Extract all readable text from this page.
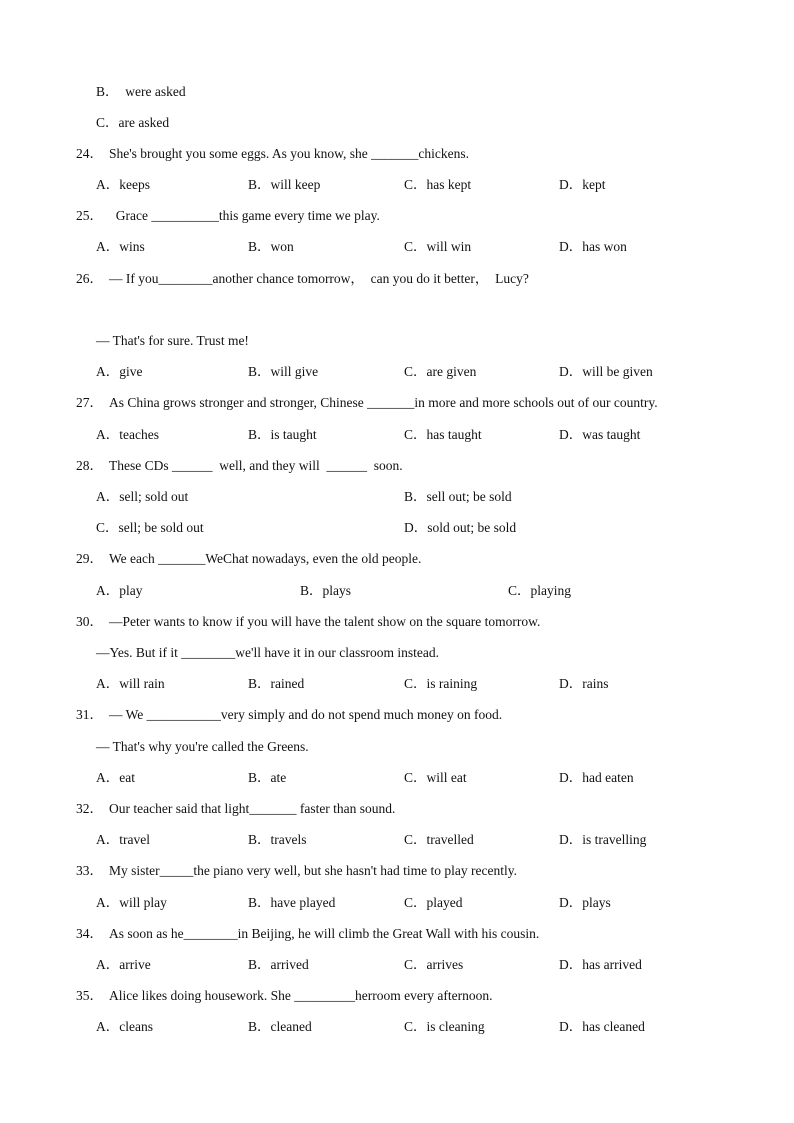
B．  were asked
C．are asked
24． She's brought you some eggs. As you know, she _______chickens.
A．keeps	B．will keep	C．has kept	D．kept
25．  Grace __________this game every time we play.
A．wins	B．won	C．will win	D．has won
26． — If you________another chance tomorrow，  can you do it better，  Lucy?
— That's for sure. Trust me!
A．give	B．will give	C．are given	D．will be given
27． As China grows stronger and stronger, Chinese _______in more and more schools out of our country.
A．teaches	B．is taught	C．has taught	D．was taught
28． These CDs ______  well, and they will  ______  soon.
A．sell; sold out	B．sell out; be sold
C．sell; be sold out	D．sold out; be sold
29． We each _______WeChat nowadays, even the old people.
A．play	B．plays	C．playing
30． —Peter wants to know if you will have the talent show on the square tomorrow.
—Yes. But if it ________we'll have it in our classroom instead.
A．will rain	B．rained	C．is raining	D．rains
31． — We ___________very simply and do not spend much money on food.
— That's why you're called the Greens.
A．eat	B．ate	C．will eat	D．had eaten
32． Our teacher said that light_______ faster than sound.
A．travel	B．travels	C．travelled	D．is travelling
33． My sister_____the piano very well, but she hasn't had time to play recently.
A．will play	B．have played	C．played	D．plays
34． As soon as he________in Beijing, he will climb the Great Wall with his cousin.
A．arrive	B．arrived	C．arrives	D．has arrived
35． Alice likes doing housework. She _________herroom every afternoon.
A．cleans	B．cleaned	C．is cleaning	D．has cleaned
